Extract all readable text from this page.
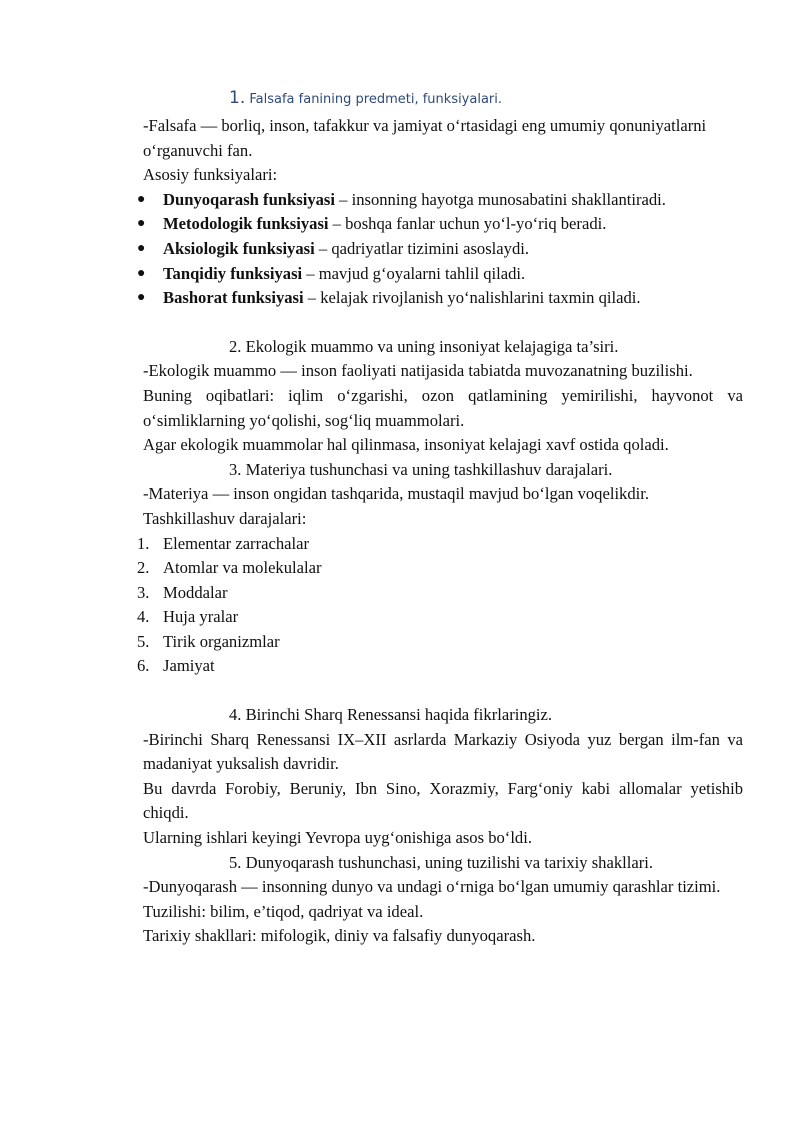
1. Falsafa fanining predmeti, funksiyalari.

-Falsafa — borliq, inson, tafakkur va jamiyat o‘rtasidagi eng umumiy qonuniyatlarni o‘rganuvchi fan.

Asosiy funksiyalari:

● Dunyoqarash funksiyasi – insonning hayotga munosabatini shakllantiradi.
● Metodologik funksiyasi – boshqa fanlar uchun yo‘l-yo‘riq beradi.
● Aksiologik funksiyasi – qadriyatlar tizimini asoslaydi.
● Tanqidiy funksiyasi – mavjud g‘oyalarni tahlil qiladi.
● Bashorat funksiyasi – kelajak rivojlanish yo‘nalishlarini taxmin qiladi.

2. Ekologik muammo va uning insoniyat kelajagiga ta’siri.

-Ekologik muammo — inson faoliyati natijasida tabiatda muvozanatning buzilishi.

Buning oqibatlari: iqlim o‘zgarishi, ozon qatlamining yemirilishi, hayvonot va o‘simliklarning yo‘qolishi, sog‘liq muammolari.

Agar ekologik muammolar hal qilinmasa, insoniyat kelajagi xavf ostida qoladi.

3. Materiya tushunchasi va uning tashkillashuv darajalari.

-Materiya — inson ongidan tashqarida, mustaqil mavjud bo‘lgan voqelikdir.

Tashkillashuv darajalari:

1. Elementar zarrachalar
2. Atomlar va molekulalar
3. Moddalar
4. Huja yralar
5. Tirik organizmlar
6. Jamiyat

4. Birinchi Sharq Renessansi haqida fikrlaringiz.

-Birinchi Sharq Renessansi IX–XII asrlarda Markaziy Osiyoda yuz bergan ilm-fan va madaniyat yuksalish davridir.

Bu davrda Forobiy, Beruniy, Ibn Sino, Xorazmiy, Farg‘oniy kabi allomalar yetishib chiqdi.

Ularning ishlari keyingi Yevropa uyg‘onishiga asos bo‘ldi.

5. Dunyoqarash tushunchasi, uning tuzilishi va tarixiy shakllari.

-Dunyoqarash — insonning dunyo va undagi o‘rniga bo‘lgan umumiy qarashlar tizimi.

Tuzilishi: bilim, e’tiqod, qadriyat va ideal.

Tarixiy shakllari: mifologik, diniy va falsafiy dunyoqarash.
